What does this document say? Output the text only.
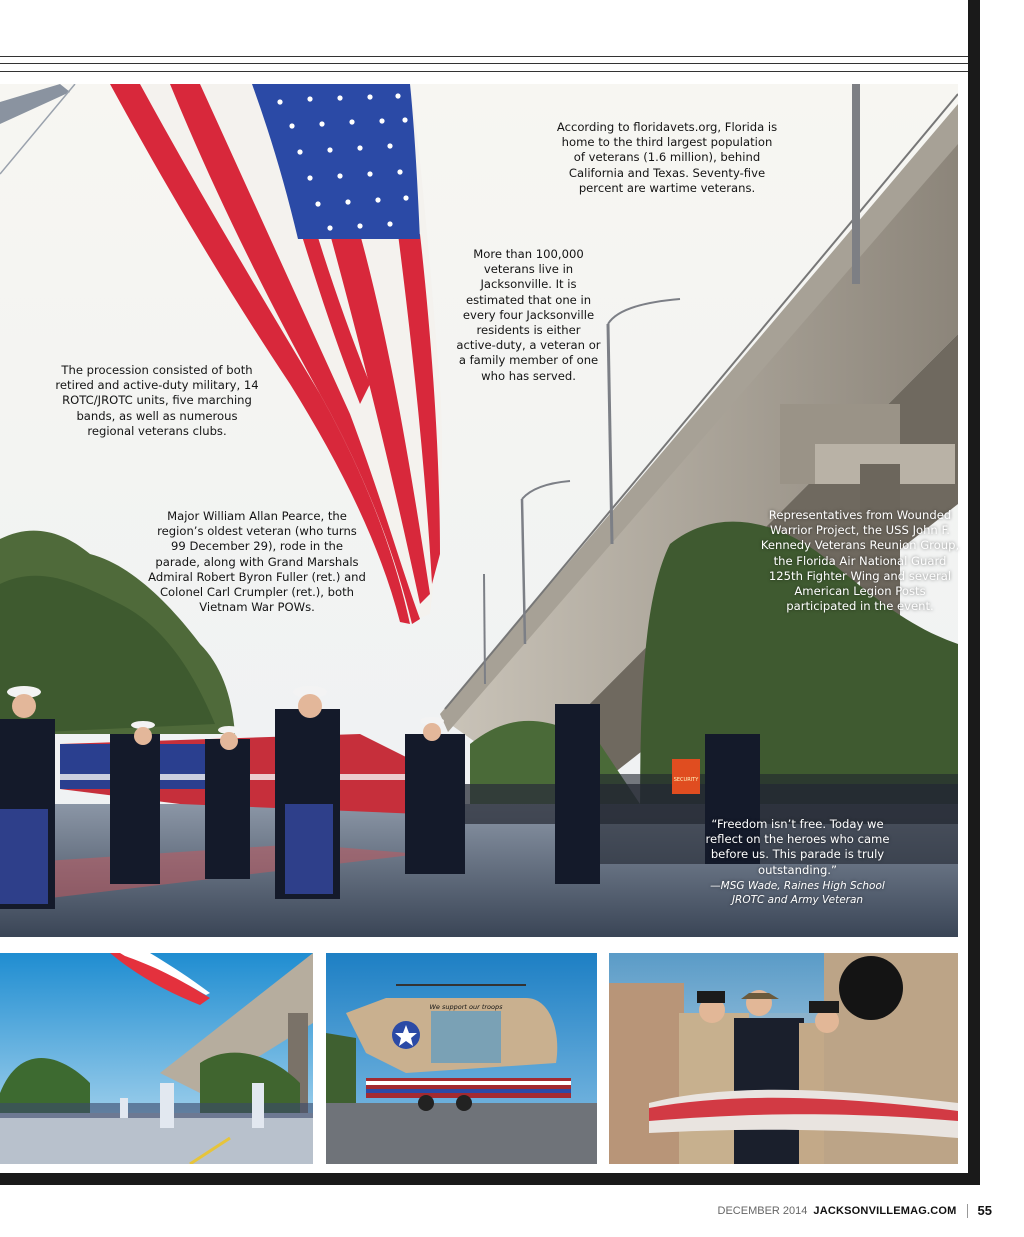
SECURITY
According to floridavets.org, Florida is home to the third largest population of veterans (1.6 million), behind California and Texas. Seventy-five percent are wartime veterans.
More than 100,000 veterans live in Jacksonville. It is estimated that one in every four Jacksonville residents is either active-duty, a veteran or a family member of one who has served.
The procession consisted of both retired and active-duty military, 14 ROTC/JROTC units, five marching bands, as well as numerous regional veterans clubs.
Major William Allan Pearce, the region’s oldest veteran (who turns 99 December 29), rode in the parade, along with Grand Marshals Admiral Robert Byron Fuller (ret.) and Colonel Carl Crumpler (ret.), both Vietnam War POWs.
Representatives from Wounded Warrior Project, the USS John F. Kennedy Veterans Reunion Group, the Florida Air National Guard 125th Fighter Wing and several American Legion Posts participated in the event.
“Freedom isn’t free. Today we reflect on the heroes who came before us. This parade is truly outstanding.”
—MSG Wade, Raines High School JROTC and Army Veteran
We support our troops
DECEMBER 2014 JACKSONVILLEMAG.COM 55
